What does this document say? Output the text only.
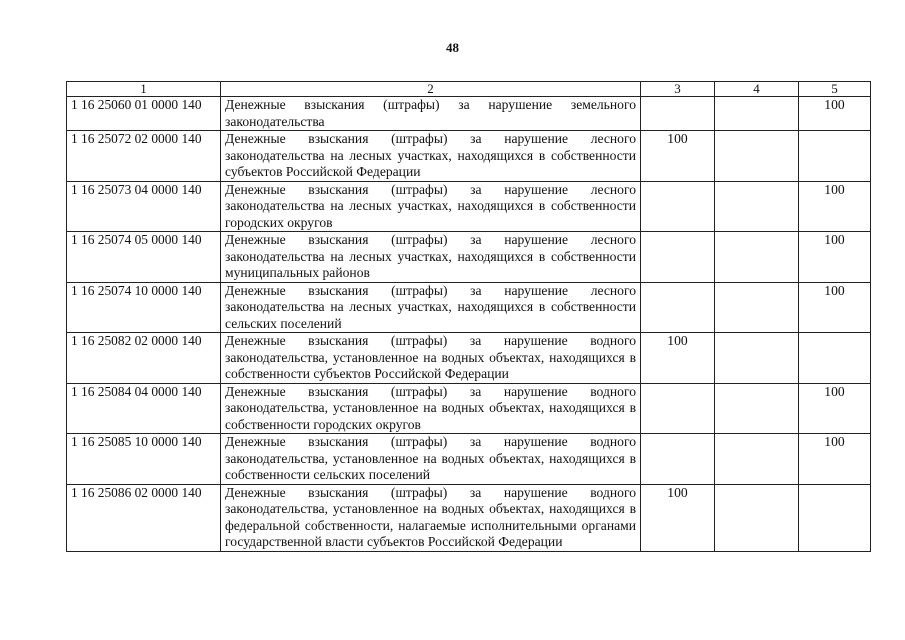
48
1	2	3	4	5
1 16 25060 01 0000 140	Денежные взыскания (штрафы) за нарушение земельного законодательства			100
1 16 25072 02 0000 140	Денежные взыскания (штрафы) за нарушение лесного законодательства на лесных участках, находящихся в собственности субъектов Российской Федерации	100		
1 16 25073 04 0000 140	Денежные взыскания (штрафы) за нарушение лесного законодательства на лесных участках, находящихся в собственности городских округов			100
1 16 25074 05 0000 140	Денежные взыскания (штрафы) за нарушение лесного законодательства на лесных участках, находящихся в собственности муниципальных районов			100
1 16 25074 10 0000 140	Денежные взыскания (штрафы) за нарушение лесного законодательства на лесных участках, находящихся в собственности сельских поселений			100
1 16 25082 02 0000 140	Денежные взыскания (штрафы) за нарушение водного законодательства, установленное на водных объектах, находящихся в собственности субъектов Российской Федерации	100		
1 16 25084 04 0000 140	Денежные взыскания (штрафы) за нарушение водного законодательства, установленное на водных объектах, находящихся в собственности городских округов			100
1 16 25085 10 0000 140	Денежные взыскания (штрафы) за нарушение водного законодательства, установленное на водных объектах, находящихся в собственности сельских поселений			100
1 16 25086 02 0000 140	Денежные взыскания (штрафы) за нарушение водного законодательства, установленное на водных объектах, находящихся в федеральной собственности, налагаемые исполнительными органами государственной власти субъектов Российской Федерации	100		
